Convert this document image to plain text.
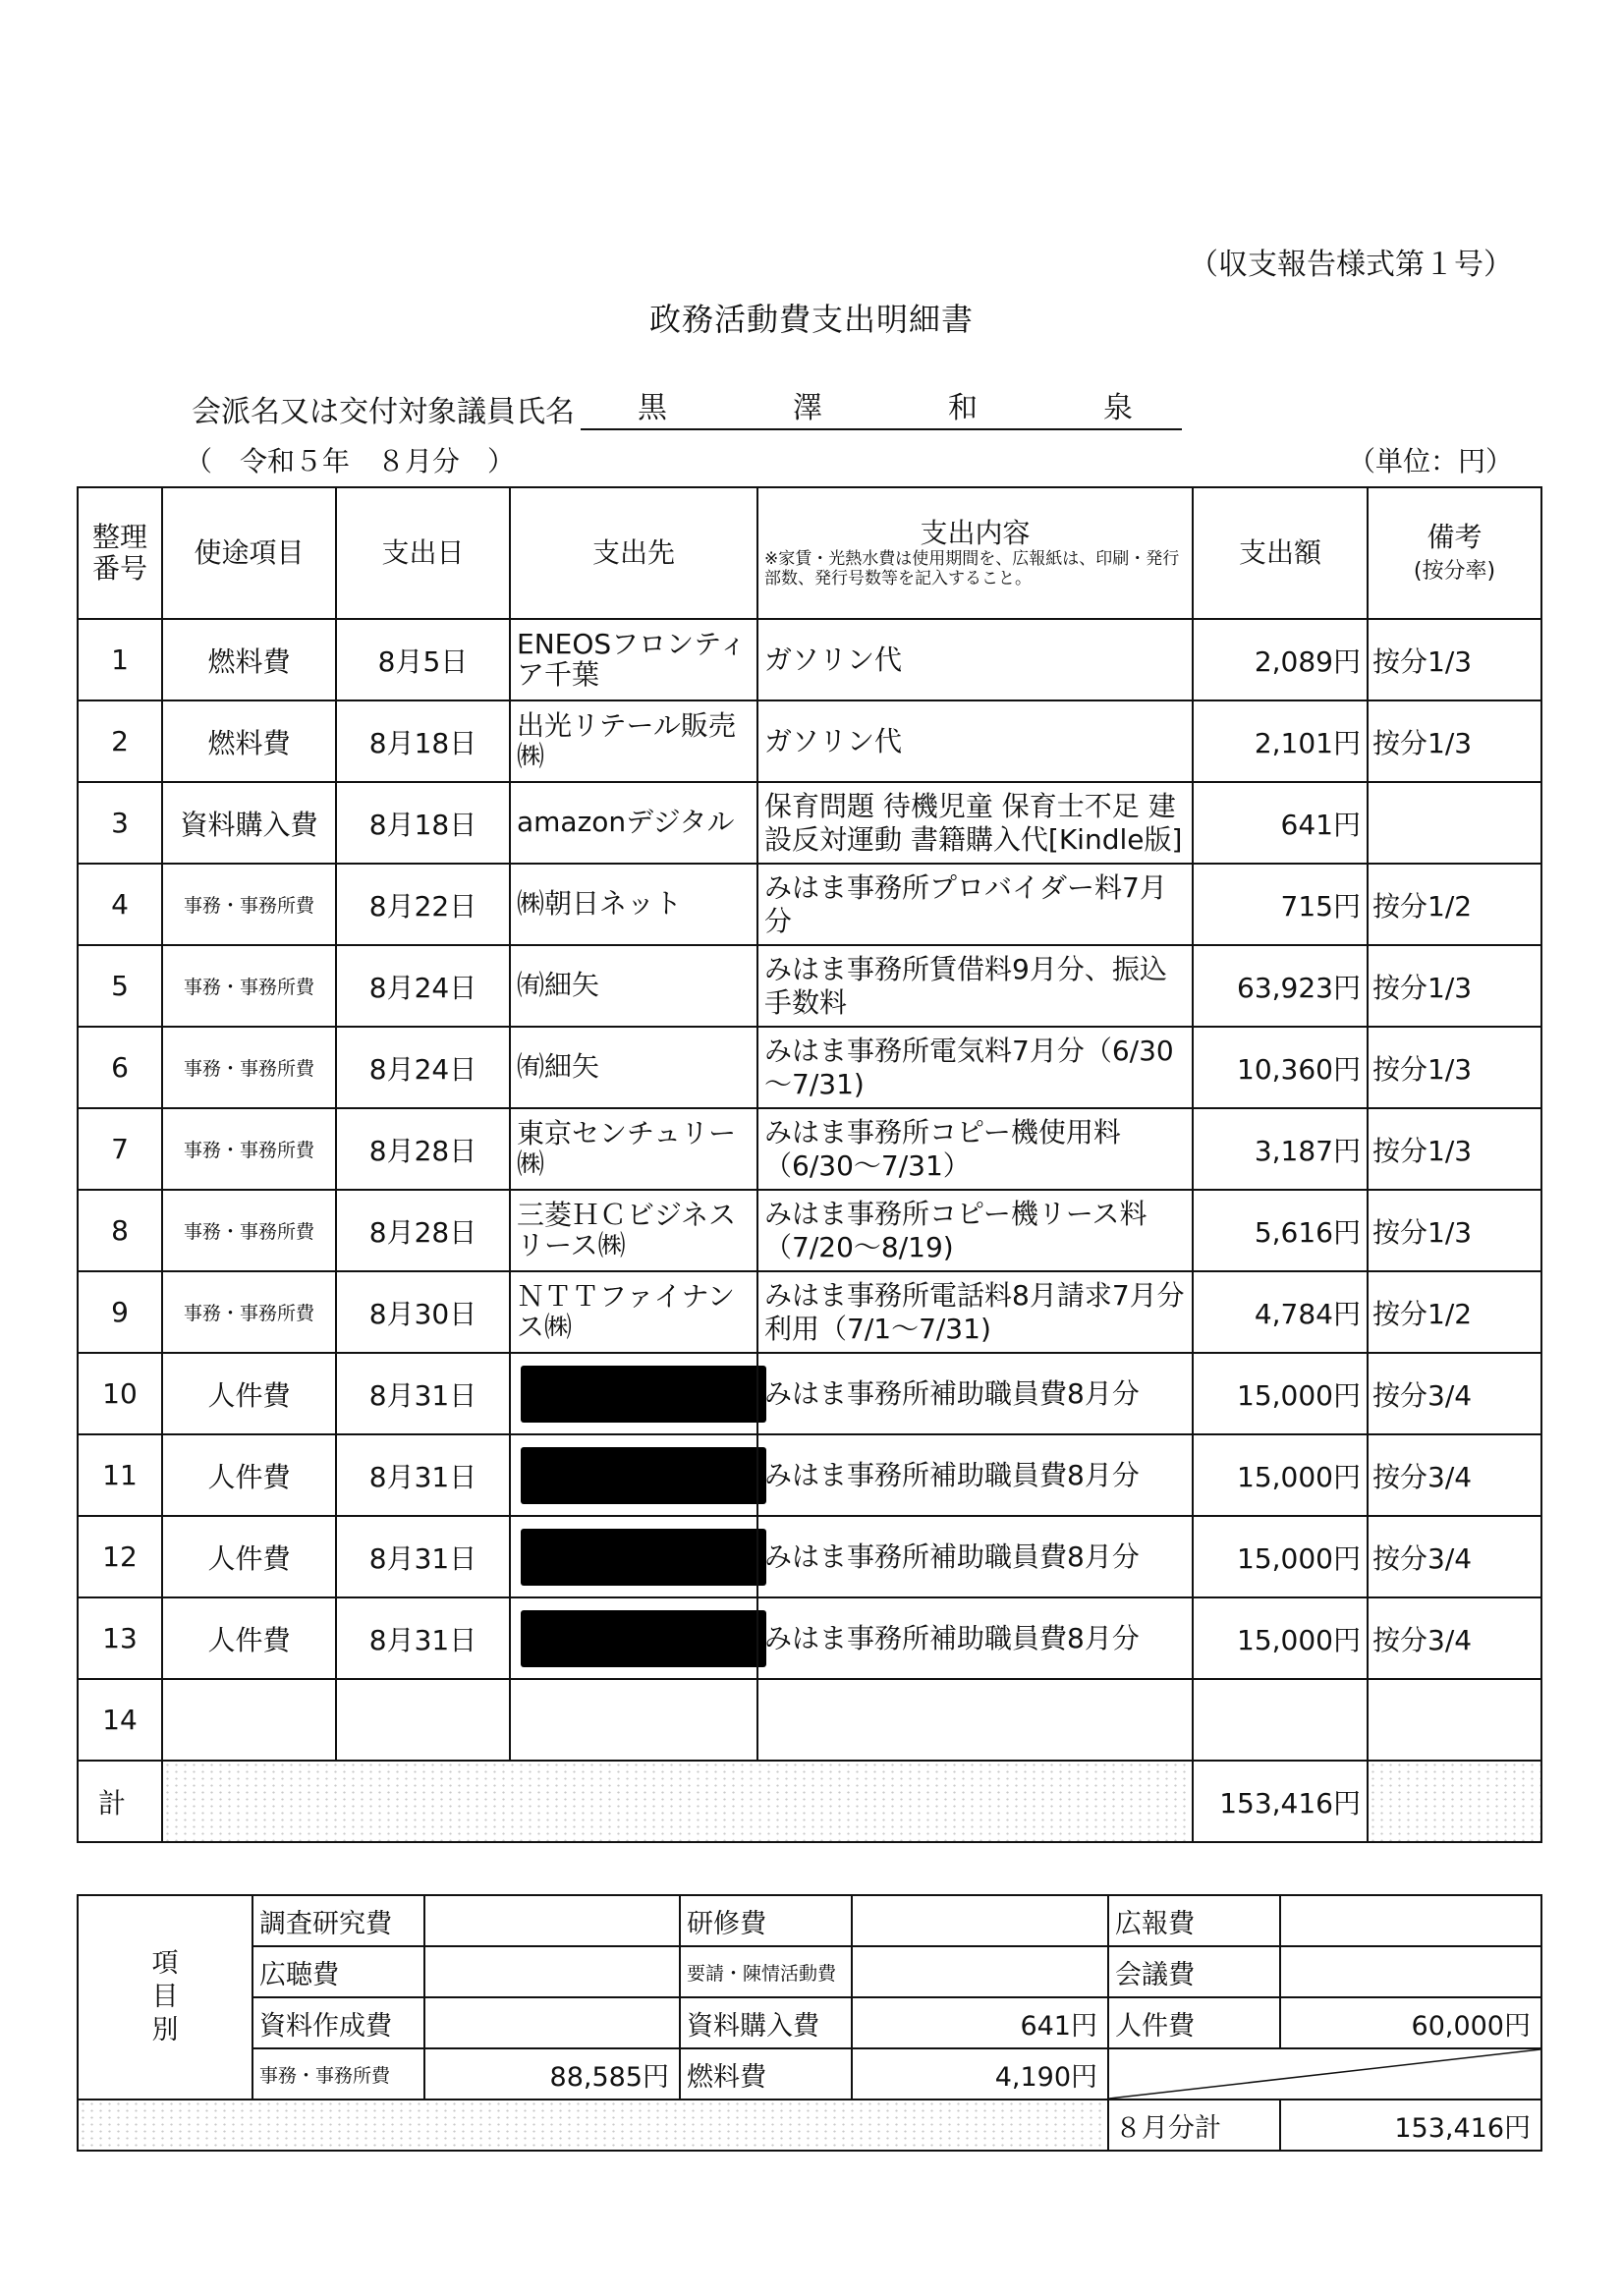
（収支報告様式第１号）
政務活動費支出明細書
会派名又は交付対象議員氏名 黒	澤	和	泉
（　令和５年　８月分　）	（単位：円）
整理
番号	使途項目	支出日	支出先	支出内容
※家賃・光熱水費は使用期間を、広報紙は、印刷・発行部数、発行号数等を記入すること。	支出額	備考
(按分率)
1	燃料費	8月5日	ENEOSフロンティア千葉	ガソリン代	2,089円	按分1/3
2	燃料費	8月18日	出光リテール販売㈱	ガソリン代	2,101円	按分1/3
3	資料購入費	8月18日	amazonデジタル	保育問題 待機児童 保育士不足 建設反対運動 書籍購入代[Kindle版]	641円	
4	事務・事務所費	8月22日	㈱朝日ネット	みはま事務所プロバイダー料7月分	715円	按分1/2
5	事務・事務所費	8月24日	㈲細矢	みはま事務所賃借料9月分、振込手数料	63,923円	按分1/3
6	事務・事務所費	8月24日	㈲細矢	みはま事務所電気料7月分（6/30～7/31)	10,360円	按分1/3
7	事務・事務所費	8月28日	東京センチュリー㈱	みはま事務所コピー機使用料（6/30～7/31）	3,187円	按分1/3
8	事務・事務所費	8月28日	三菱ＨＣビジネスリース㈱	みはま事務所コピー機リース料（7/20～8/19)	5,616円	按分1/3
9	事務・事務所費	8月30日	ＮＴＴファイナンス㈱	みはま事務所電話料8月請求7月分利用（7/1～7/31)	4,784円	按分1/2
10	人件費	8月31日		みはま事務所補助職員費8月分	15,000円	按分3/4
11	人件費	8月31日		みはま事務所補助職員費8月分	15,000円	按分3/4
12	人件費	8月31日		みはま事務所補助職員費8月分	15,000円	按分3/4
13	人件費	8月31日		みはま事務所補助職員費8月分	15,000円	按分3/4
14						
計					153,416円	
項
目
別	調査研究費		研修費		広報費	
	広聴費		要請・陳情活動費		会議費	
	資料作成費		資料購入費	641円	人件費	60,000円
	事務・事務所費	88,585円	燃料費	4,190円	

					８月分計	153,416円
